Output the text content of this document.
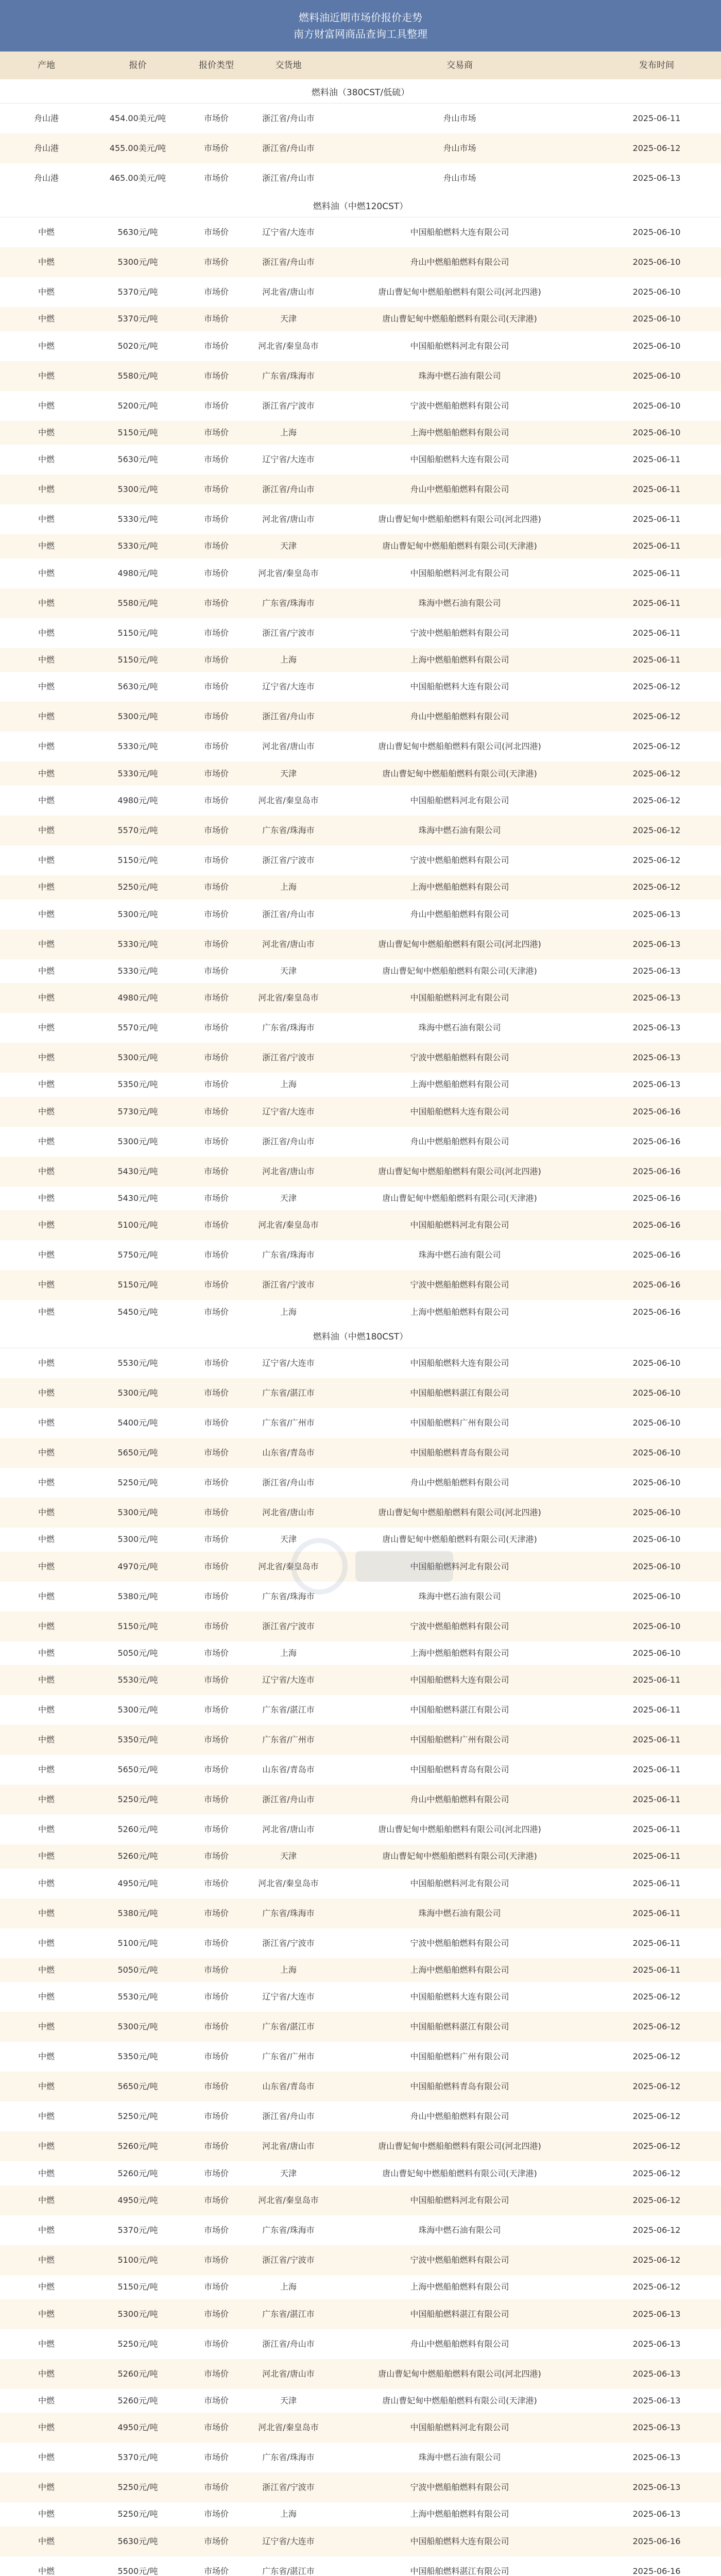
燃料油近期市场价报价走势
南方财富网商品查询工具整理
产地	报价	报价类型	交货地	交易商	发布时间
燃料油（380CST/低硫）
舟山港	454.00美元/吨	市场价	浙江省/舟山市	舟山市场	2025-06-11
舟山港	455.00美元/吨	市场价	浙江省/舟山市	舟山市场	2025-06-12
舟山港	465.00美元/吨	市场价	浙江省/舟山市	舟山市场	2025-06-13
燃料油（中燃120CST）
中燃	5630元/吨	市场价	辽宁省/大连市	中国船舶燃料大连有限公司	2025-06-10
中燃	5300元/吨	市场价	浙江省/舟山市	舟山中燃船舶燃料有限公司	2025-06-10
中燃	5370元/吨	市场价	河北省/唐山市	唐山曹妃甸中燃船舶燃料有限公司(河北四港)	2025-06-10
中燃	5370元/吨	市场价	天津	唐山曹妃甸中燃船舶燃料有限公司(天津港)	2025-06-10
中燃	5020元/吨	市场价	河北省/秦皇岛市	中国船舶燃料河北有限公司	2025-06-10
中燃	5580元/吨	市场价	广东省/珠海市	珠海中燃石油有限公司	2025-06-10
中燃	5200元/吨	市场价	浙江省/宁波市	宁波中燃船舶燃料有限公司	2025-06-10
中燃	5150元/吨	市场价	上海	上海中燃船舶燃料有限公司	2025-06-10
中燃	5630元/吨	市场价	辽宁省/大连市	中国船舶燃料大连有限公司	2025-06-11
中燃	5300元/吨	市场价	浙江省/舟山市	舟山中燃船舶燃料有限公司	2025-06-11
中燃	5330元/吨	市场价	河北省/唐山市	唐山曹妃甸中燃船舶燃料有限公司(河北四港)	2025-06-11
中燃	5330元/吨	市场价	天津	唐山曹妃甸中燃船舶燃料有限公司(天津港)	2025-06-11
中燃	4980元/吨	市场价	河北省/秦皇岛市	中国船舶燃料河北有限公司	2025-06-11
中燃	5580元/吨	市场价	广东省/珠海市	珠海中燃石油有限公司	2025-06-11
中燃	5150元/吨	市场价	浙江省/宁波市	宁波中燃船舶燃料有限公司	2025-06-11
中燃	5150元/吨	市场价	上海	上海中燃船舶燃料有限公司	2025-06-11
中燃	5630元/吨	市场价	辽宁省/大连市	中国船舶燃料大连有限公司	2025-06-12
中燃	5300元/吨	市场价	浙江省/舟山市	舟山中燃船舶燃料有限公司	2025-06-12
中燃	5330元/吨	市场价	河北省/唐山市	唐山曹妃甸中燃船舶燃料有限公司(河北四港)	2025-06-12
中燃	5330元/吨	市场价	天津	唐山曹妃甸中燃船舶燃料有限公司(天津港)	2025-06-12
中燃	4980元/吨	市场价	河北省/秦皇岛市	中国船舶燃料河北有限公司	2025-06-12
中燃	5570元/吨	市场价	广东省/珠海市	珠海中燃石油有限公司	2025-06-12
中燃	5150元/吨	市场价	浙江省/宁波市	宁波中燃船舶燃料有限公司	2025-06-12
中燃	5250元/吨	市场价	上海	上海中燃船舶燃料有限公司	2025-06-12
中燃	5300元/吨	市场价	浙江省/舟山市	舟山中燃船舶燃料有限公司	2025-06-13
中燃	5330元/吨	市场价	河北省/唐山市	唐山曹妃甸中燃船舶燃料有限公司(河北四港)	2025-06-13
中燃	5330元/吨	市场价	天津	唐山曹妃甸中燃船舶燃料有限公司(天津港)	2025-06-13
中燃	4980元/吨	市场价	河北省/秦皇岛市	中国船舶燃料河北有限公司	2025-06-13
中燃	5570元/吨	市场价	广东省/珠海市	珠海中燃石油有限公司	2025-06-13
中燃	5300元/吨	市场价	浙江省/宁波市	宁波中燃船舶燃料有限公司	2025-06-13
中燃	5350元/吨	市场价	上海	上海中燃船舶燃料有限公司	2025-06-13
中燃	5730元/吨	市场价	辽宁省/大连市	中国船舶燃料大连有限公司	2025-06-16
中燃	5300元/吨	市场价	浙江省/舟山市	舟山中燃船舶燃料有限公司	2025-06-16
中燃	5430元/吨	市场价	河北省/唐山市	唐山曹妃甸中燃船舶燃料有限公司(河北四港)	2025-06-16
中燃	5430元/吨	市场价	天津	唐山曹妃甸中燃船舶燃料有限公司(天津港)	2025-06-16
中燃	5100元/吨	市场价	河北省/秦皇岛市	中国船舶燃料河北有限公司	2025-06-16
中燃	5750元/吨	市场价	广东省/珠海市	珠海中燃石油有限公司	2025-06-16
中燃	5150元/吨	市场价	浙江省/宁波市	宁波中燃船舶燃料有限公司	2025-06-16
中燃	5450元/吨	市场价	上海	上海中燃船舶燃料有限公司	2025-06-16
燃料油（中燃180CST）
中燃	5530元/吨	市场价	辽宁省/大连市	中国船舶燃料大连有限公司	2025-06-10
中燃	5300元/吨	市场价	广东省/湛江市	中国船舶燃料湛江有限公司	2025-06-10
中燃	5400元/吨	市场价	广东省/广州市	中国船舶燃料广州有限公司	2025-06-10
中燃	5650元/吨	市场价	山东省/青岛市	中国船舶燃料青岛有限公司	2025-06-10
中燃	5250元/吨	市场价	浙江省/舟山市	舟山中燃船舶燃料有限公司	2025-06-10
中燃	5300元/吨	市场价	河北省/唐山市	唐山曹妃甸中燃船舶燃料有限公司(河北四港)	2025-06-10
中燃	5300元/吨	市场价	天津	唐山曹妃甸中燃船舶燃料有限公司(天津港)	2025-06-10
中燃	4970元/吨	市场价	河北省/秦皇岛市	中国船舶燃料河北有限公司	2025-06-10
中燃	5380元/吨	市场价	广东省/珠海市	珠海中燃石油有限公司	2025-06-10
中燃	5150元/吨	市场价	浙江省/宁波市	宁波中燃船舶燃料有限公司	2025-06-10
中燃	5050元/吨	市场价	上海	上海中燃船舶燃料有限公司	2025-06-10
中燃	5530元/吨	市场价	辽宁省/大连市	中国船舶燃料大连有限公司	2025-06-11
中燃	5300元/吨	市场价	广东省/湛江市	中国船舶燃料湛江有限公司	2025-06-11
中燃	5350元/吨	市场价	广东省/广州市	中国船舶燃料广州有限公司	2025-06-11
中燃	5650元/吨	市场价	山东省/青岛市	中国船舶燃料青岛有限公司	2025-06-11
中燃	5250元/吨	市场价	浙江省/舟山市	舟山中燃船舶燃料有限公司	2025-06-11
中燃	5260元/吨	市场价	河北省/唐山市	唐山曹妃甸中燃船舶燃料有限公司(河北四港)	2025-06-11
中燃	5260元/吨	市场价	天津	唐山曹妃甸中燃船舶燃料有限公司(天津港)	2025-06-11
中燃	4950元/吨	市场价	河北省/秦皇岛市	中国船舶燃料河北有限公司	2025-06-11
中燃	5380元/吨	市场价	广东省/珠海市	珠海中燃石油有限公司	2025-06-11
中燃	5100元/吨	市场价	浙江省/宁波市	宁波中燃船舶燃料有限公司	2025-06-11
中燃	5050元/吨	市场价	上海	上海中燃船舶燃料有限公司	2025-06-11
中燃	5530元/吨	市场价	辽宁省/大连市	中国船舶燃料大连有限公司	2025-06-12
中燃	5300元/吨	市场价	广东省/湛江市	中国船舶燃料湛江有限公司	2025-06-12
中燃	5350元/吨	市场价	广东省/广州市	中国船舶燃料广州有限公司	2025-06-12
中燃	5650元/吨	市场价	山东省/青岛市	中国船舶燃料青岛有限公司	2025-06-12
中燃	5250元/吨	市场价	浙江省/舟山市	舟山中燃船舶燃料有限公司	2025-06-12
中燃	5260元/吨	市场价	河北省/唐山市	唐山曹妃甸中燃船舶燃料有限公司(河北四港)	2025-06-12
中燃	5260元/吨	市场价	天津	唐山曹妃甸中燃船舶燃料有限公司(天津港)	2025-06-12
中燃	4950元/吨	市场价	河北省/秦皇岛市	中国船舶燃料河北有限公司	2025-06-12
中燃	5370元/吨	市场价	广东省/珠海市	珠海中燃石油有限公司	2025-06-12
中燃	5100元/吨	市场价	浙江省/宁波市	宁波中燃船舶燃料有限公司	2025-06-12
中燃	5150元/吨	市场价	上海	上海中燃船舶燃料有限公司	2025-06-12
中燃	5300元/吨	市场价	广东省/湛江市	中国船舶燃料湛江有限公司	2025-06-13
中燃	5250元/吨	市场价	浙江省/舟山市	舟山中燃船舶燃料有限公司	2025-06-13
中燃	5260元/吨	市场价	河北省/唐山市	唐山曹妃甸中燃船舶燃料有限公司(河北四港)	2025-06-13
中燃	5260元/吨	市场价	天津	唐山曹妃甸中燃船舶燃料有限公司(天津港)	2025-06-13
中燃	4950元/吨	市场价	河北省/秦皇岛市	中国船舶燃料河北有限公司	2025-06-13
中燃	5370元/吨	市场价	广东省/珠海市	珠海中燃石油有限公司	2025-06-13
中燃	5250元/吨	市场价	浙江省/宁波市	宁波中燃船舶燃料有限公司	2025-06-13
中燃	5250元/吨	市场价	上海	上海中燃船舶燃料有限公司	2025-06-13
中燃	5630元/吨	市场价	辽宁省/大连市	中国船舶燃料大连有限公司	2025-06-16
中燃	5500元/吨	市场价	广东省/湛江市	中国船舶燃料湛江有限公司	2025-06-16
